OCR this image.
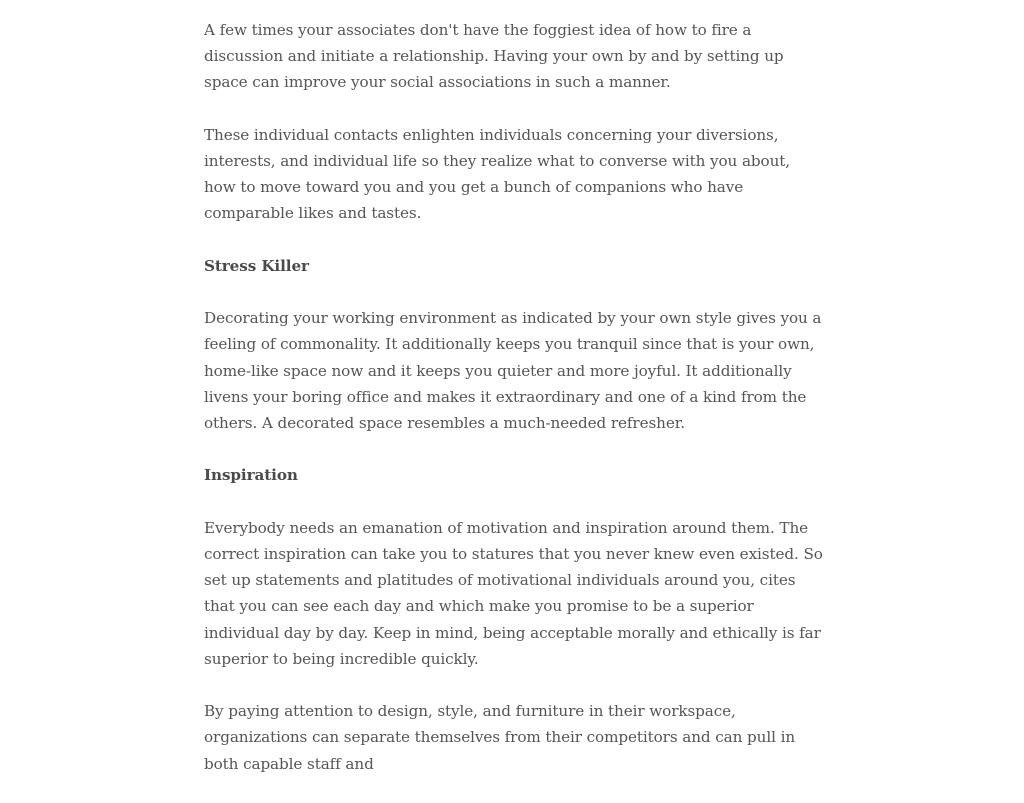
A few times your associates don't have the foggiest idea of how to fire a discussion and initiate a relationship. Having your own by and by setting up space can improve your social associations in such a manner.

These individual contacts enlighten individuals concerning your diversions, interests, and individual life so they realize what to converse with you about, how to move toward you and you get a bunch of companions who have comparable likes and tastes.

Stress Killer

Decorating your working environment as indicated by your own style gives you a feeling of commonality. It additionally keeps you tranquil since that is your own, home-like space now and it keeps you quieter and more joyful. It additionally livens your boring office and makes it extraordinary and one of a kind from the others. A decorated space resembles a much-needed refresher.

Inspiration

Everybody needs an emanation of motivation and inspiration around them. The correct inspiration can take you to statures that you never knew even existed. So set up statements and platitudes of motivational individuals around you, cites that you can see each day and which make you promise to be a superior individual day by day. Keep in mind, being acceptable morally and ethically is far superior to being incredible quickly.

By paying attention to design, style, and furniture in their workspace, organizations can separate themselves from their competitors and can pull in both capable staff and
